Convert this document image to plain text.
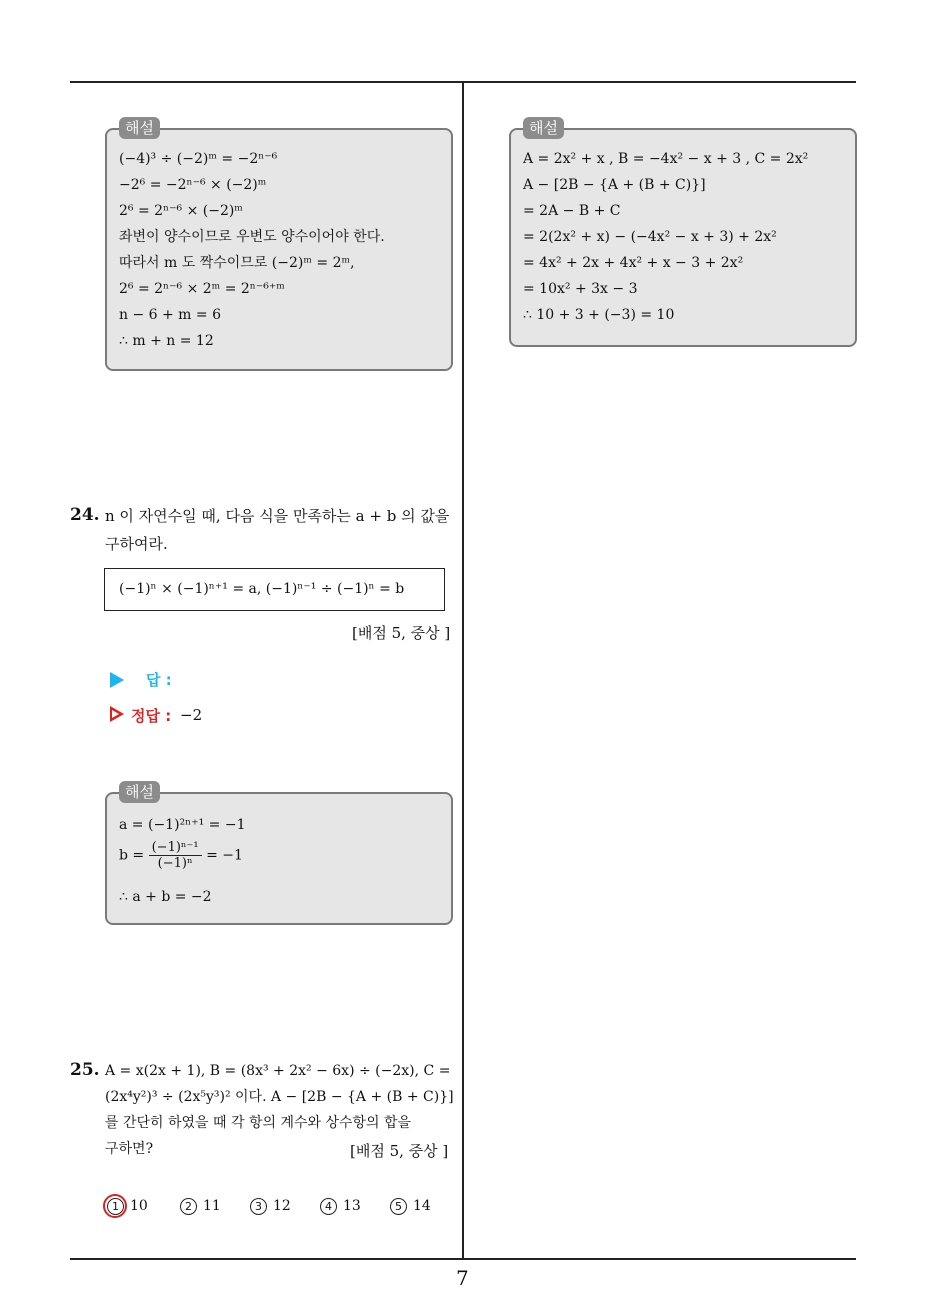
(−4)³ ÷ (−2)ᵐ = −2ⁿ⁻⁶
−2⁶ = −2ⁿ⁻⁶ × (−2)ᵐ
2⁶ = 2ⁿ⁻⁶ × (−2)ᵐ
좌변이 양수이므로 우변도 양수이어야 한다.
따라서 m 도 짝수이므로 (−2)ᵐ = 2ᵐ,
2⁶ = 2ⁿ⁻⁶ × 2ᵐ = 2ⁿ⁻⁶⁺ᵐ
n − 6 + m = 6
∴ m + n = 12
해설
24. n 이 자연수일 때, 다음 식을 만족하는 a + b 의 값을
구하여라.
(−1)ⁿ × (−1)ⁿ⁺¹ = a, (−1)ⁿ⁻¹ ÷ (−1)ⁿ = b
[배점 5, 중상 ]
답 :
정답 : −2
a = (−1)²ⁿ⁺¹ = −1
$b = \frac{\text{(−1)ⁿ⁻¹}}{\text{(−1)ⁿ}} = -1$
∴ a + b = −2
해설
25. A = x(2x + 1), B = (8x³ + 2x² − 6x) ÷ (−2x), C =
(2x⁴y²)³ ÷ (2x⁵y³)² 이다. A − [2B − {A + (B + C)}]
를 간단히 하였을 때 각 항의 계수와 상수항의 합을
구하면?	[배점 5, 중상 ]
1 10	2 11	3 12	4 13	5 14
A = 2x² + x , B = −4x² − x + 3 , C = 2x²
A − [2B − {A + (B + C)}]
= 2A − B + C
= 2(2x² + x) − (−4x² − x + 3) + 2x²
= 4x² + 2x + 4x² + x − 3 + 2x²
= 10x² + 3x − 3
∴ 10 + 3 + (−3) = 10
해설
7
